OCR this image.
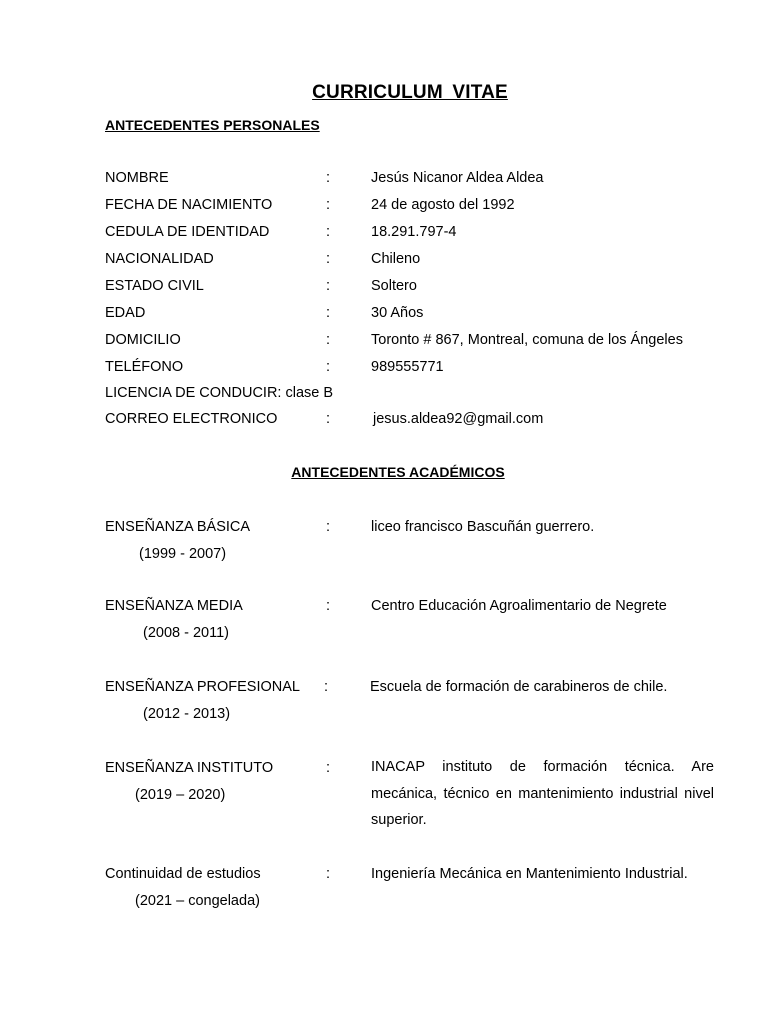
CURRICULUM VITAE
ANTECEDENTES PERSONALES
NOMBRE	:	Jesús Nicanor Aldea Aldea
FECHA DE NACIMIENTO	:	24 de agosto del 1992
CEDULA DE IDENTIDAD	:	18.291.797-4
NACIONALIDAD	:	Chileno
ESTADO CIVIL	:	Soltero
EDAD	:	30 Años
DOMICILIO	:	Toronto # 867, Montreal, comuna de los Ángeles
TELÉFONO	:	989555771
LICENCIA DE CONDUCIR: clase B
CORREO ELECTRONICO	:	jesus.aldea92@gmail.com
ANTECEDENTES ACADÉMICOS
ENSEÑANZA BÁSICA	:	liceo francisco Bascuñán guerrero.
(1999 - 2007)
ENSEÑANZA MEDIA	:	Centro Educación Agroalimentario de Negrete
(2008 - 2011)
ENSEÑANZA PROFESIONAL :	Escuela de formación de carabineros de chile.
(2012 - 2013)
ENSEÑANZA INSTITUTO	:	INACAP instituto de formación técnica. Are mecánica, técnico en mantenimiento industrial nivel superior.
(2019 – 2020)
Continuidad de estudios	:	Ingeniería Mecánica en Mantenimiento Industrial.
(2021 – congelada)
